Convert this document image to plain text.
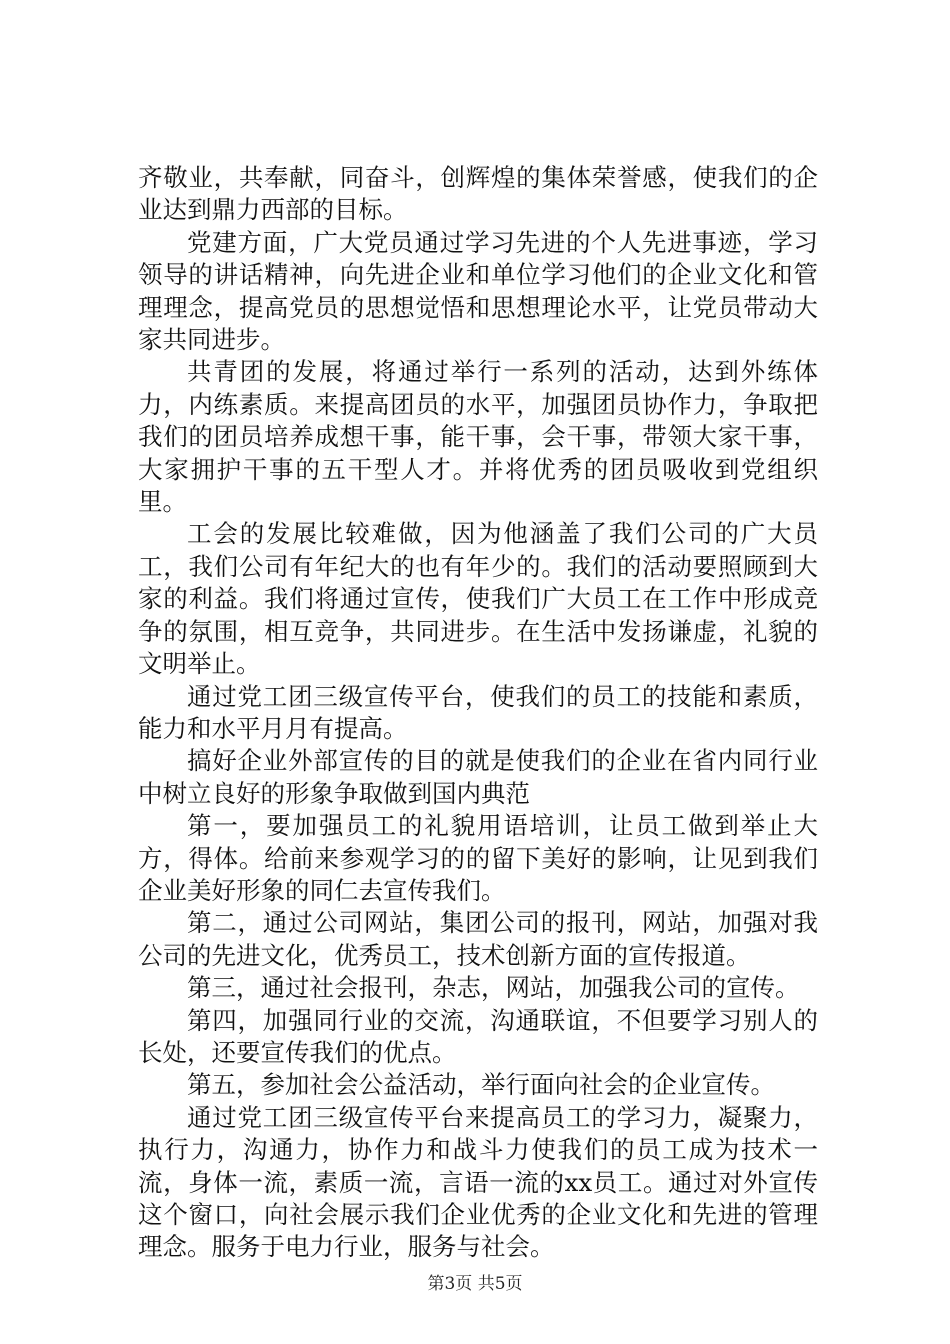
齐敬业，共奉献，同奋斗，创辉煌的集体荣誉感，使我们的企业达到鼎力西部的目标。

党建方面，广大党员通过学习先进的个人先进事迹，学习领导的讲话精神，向先进企业和单位学习他们的企业文化和管理理念，提高党员的思想觉悟和思想理论水平，让党员带动大家共同进步。

共青团的发展，将通过举行一系列的活动，达到外练体力，内练素质。来提高团员的水平，加强团员协作力，争取把我们的团员培养成想干事，能干事，会干事，带领大家干事，大家拥护干事的五干型人才。并将优秀的团员吸收到党组织里。

工会的发展比较难做，因为他涵盖了我们公司的广大员工，我们公司有年纪大的也有年少的。我们的活动要照顾到大家的利益。我们将通过宣传，使我们广大员工在工作中形成竞争的氛围，相互竞争，共同进步。在生活中发扬谦虚，礼貌的文明举止。

通过党工团三级宣传平台，使我们的员工的技能和素质，能力和水平月月有提高。

搞好企业外部宣传的目的就是使我们的企业在省内同行业中树立良好的形象争取做到国内典范

第一，要加强员工的礼貌用语培训，让员工做到举止大方，得体。给前来参观学习的的留下美好的影响，让见到我们企业美好形象的同仁去宣传我们。

第二，通过公司网站，集团公司的报刊，网站，加强对我公司的先进文化，优秀员工，技术创新方面的宣传报道。

第三，通过社会报刊，杂志，网站，加强我公司的宣传。

第四，加强同行业的交流，沟通联谊，不但要学习别人的长处，还要宣传我们的优点。

第五，参加社会公益活动，举行面向社会的企业宣传。

通过党工团三级宣传平台来提高员工的学习力，凝聚力，执行力，沟通力，协作力和战斗力使我们的员工成为技术一流，身体一流，素质一流，言语一流的xx员工。通过对外宣传这个窗口，向社会展示我们企业优秀的企业文化和先进的管理理念。服务于电力行业，服务与社会。

第3页 共5页
